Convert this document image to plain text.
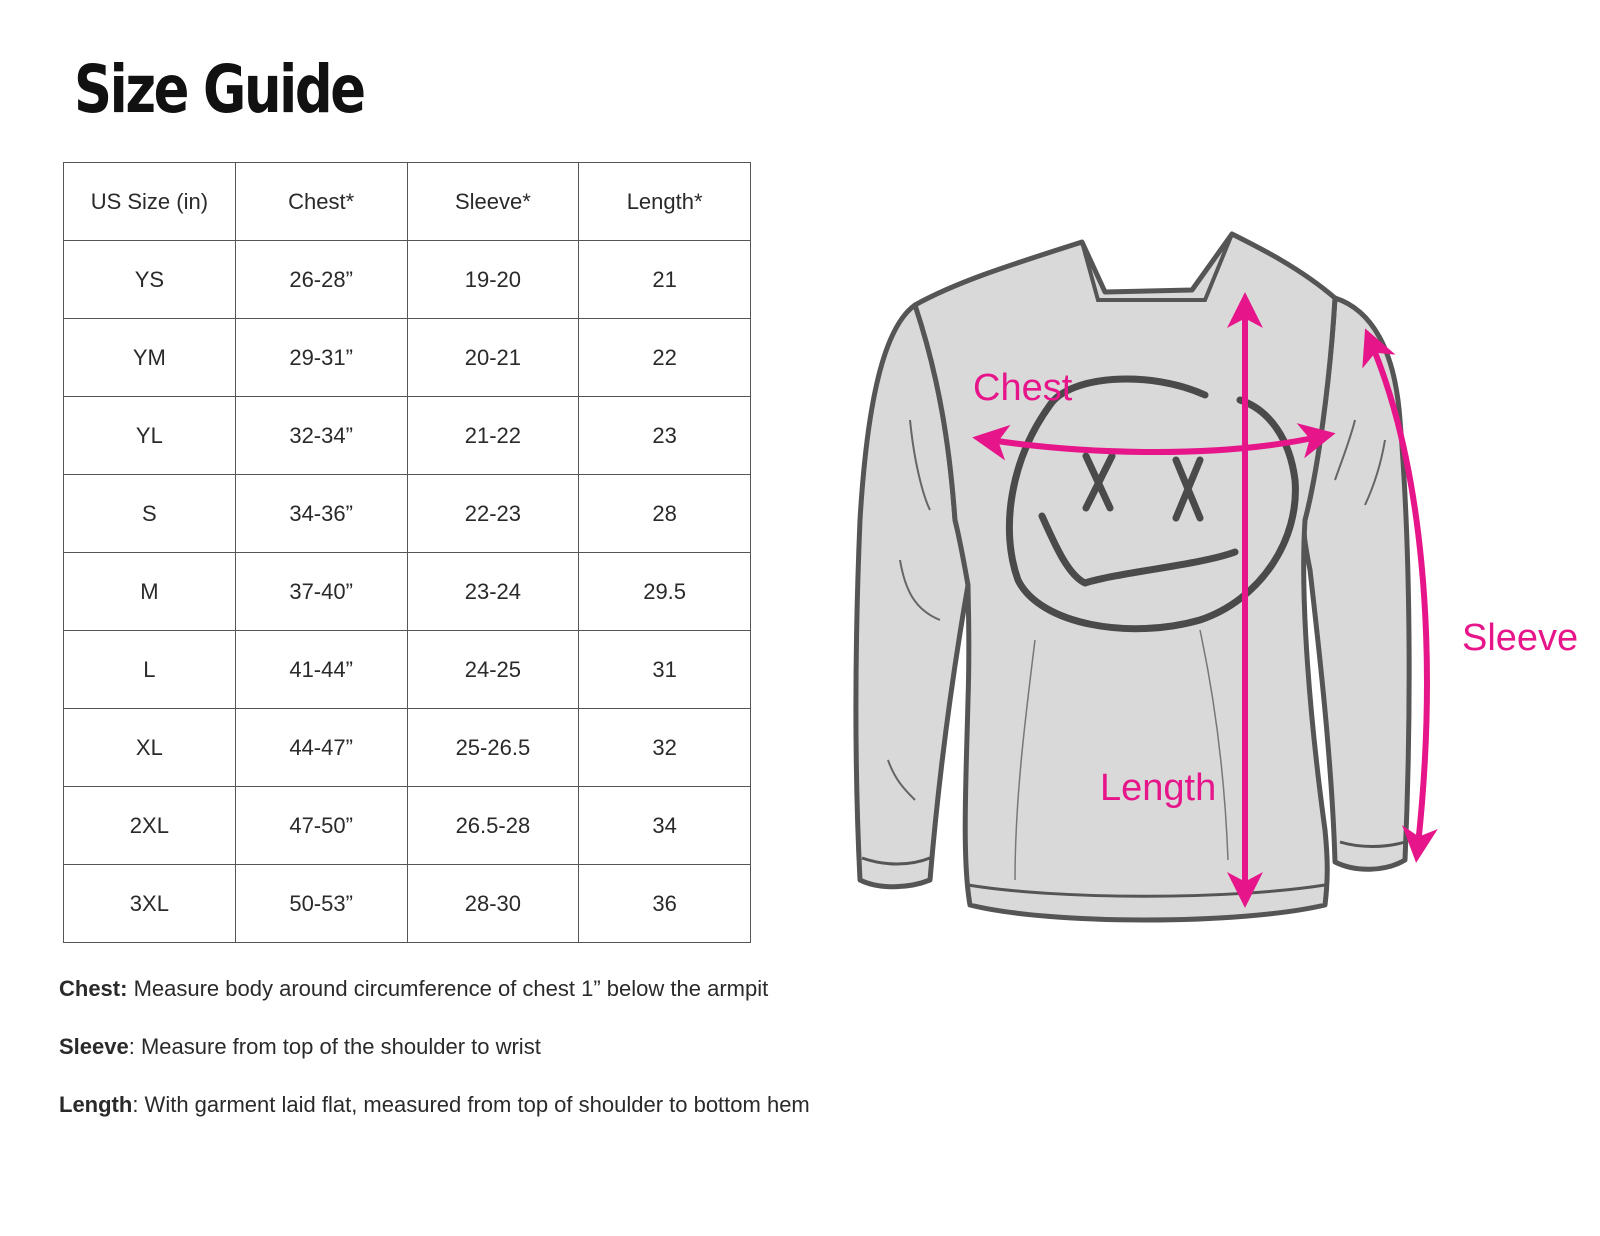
Size Guide
US Size (in)	Chest*	Sleeve*	Length*
YS	26-28”	19-20	21
YM	29-31”	20-21	22
YL	32-34”	21-22	23
S	34-36”	22-23	28
M	37-40”	23-24	29.5
L	41-44”	24-25	31
XL	44-47”	25-26.5	32
2XL	47-50”	26.5-28	34
3XL	50-53”	28-30	36
Chest: Measure body around circumference of chest 1” below the armpit
Sleeve: Measure from top of the shoulder to wrist
Length: With garment laid flat, measured from top of shoulder to bottom hem
Chest
Length
Sleeve
